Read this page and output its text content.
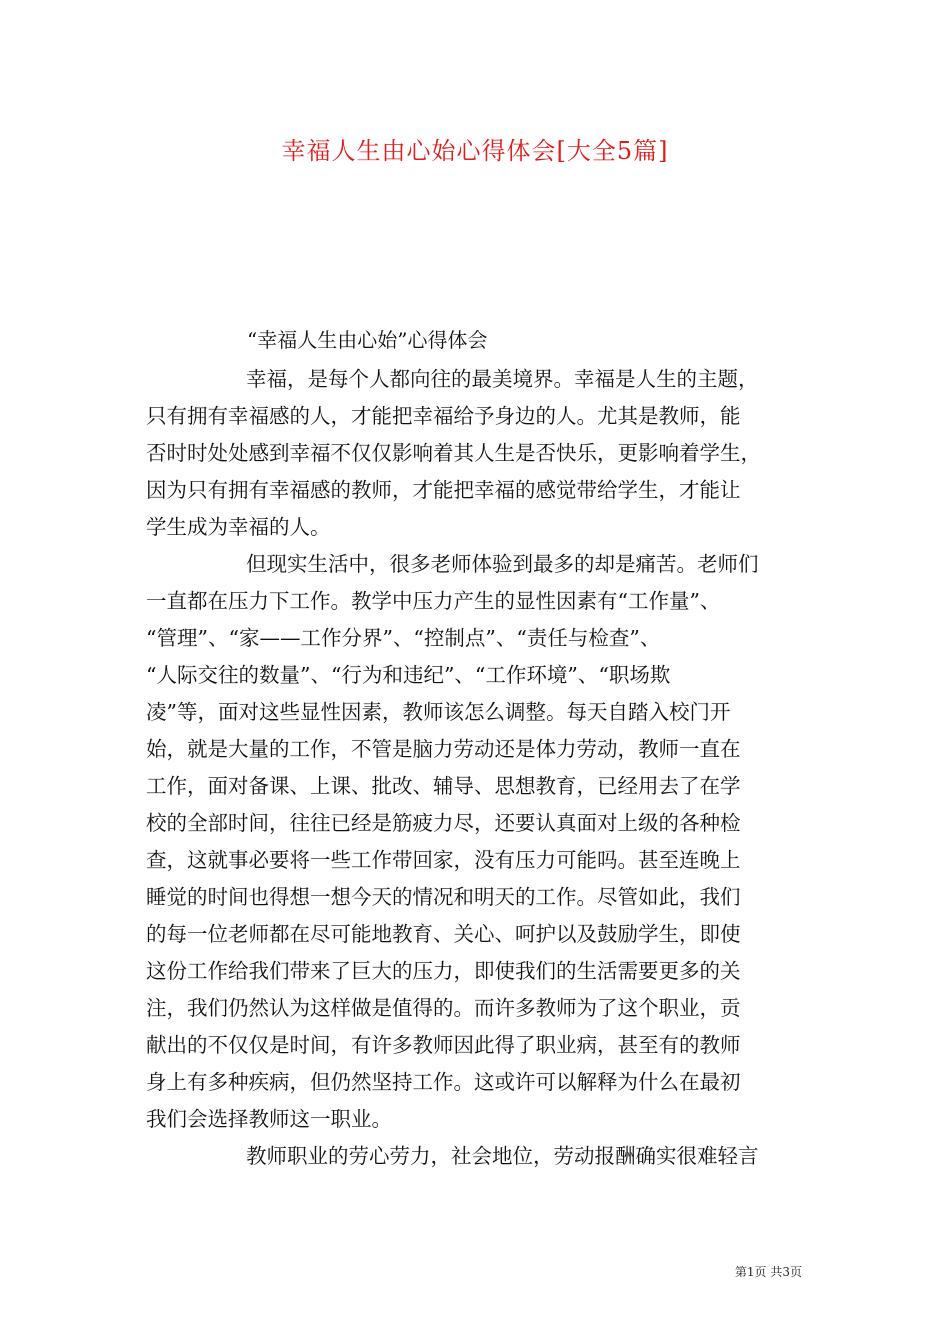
幸福人生由心始心得体会[大全5篇]
“幸福人生由心始”心得体会
幸福，是每个人都向往的最美境界。幸福是人生的主题，
只有拥有幸福感的人，才能把幸福给予身边的人。尤其是教师，能
否时时处处感到幸福不仅仅影响着其人生是否快乐，更影响着学生，
因为只有拥有幸福感的教师，才能把幸福的感觉带给学生，才能让
学生成为幸福的人。
但现实生活中，很多老师体验到最多的却是痛苦。老师们
一直都在压力下工作。教学中压力产生的显性因素有“工作量”、
“管理”、“家——工作分界”、“控制点”、“责任与检查”、
“人际交往的数量”、“行为和违纪”、“工作环境”、“职场欺
凌”等，面对这些显性因素，教师该怎么调整。每天自踏入校门开
始，就是大量的工作，不管是脑力劳动还是体力劳动，教师一直在
工作，面对备课、上课、批改、辅导、思想教育，已经用去了在学
校的全部时间，往往已经是筋疲力尽，还要认真面对上级的各种检
查，这就事必要将一些工作带回家，没有压力可能吗。甚至连晚上
睡觉的时间也得想一想今天的情况和明天的工作。尽管如此，我们
的每一位老师都在尽可能地教育、关心、呵护以及鼓励学生，即使
这份工作给我们带来了巨大的压力，即使我们的生活需要更多的关
注，我们仍然认为这样做是值得的。而许多教师为了这个职业，贡
献出的不仅仅是时间，有许多教师因此得了职业病，甚至有的教师
身上有多种疾病，但仍然坚持工作。这或许可以解释为什么在最初
我们会选择教师这一职业。
教师职业的劳心劳力，社会地位，劳动报酬确实很难轻言
第1页 共3页
